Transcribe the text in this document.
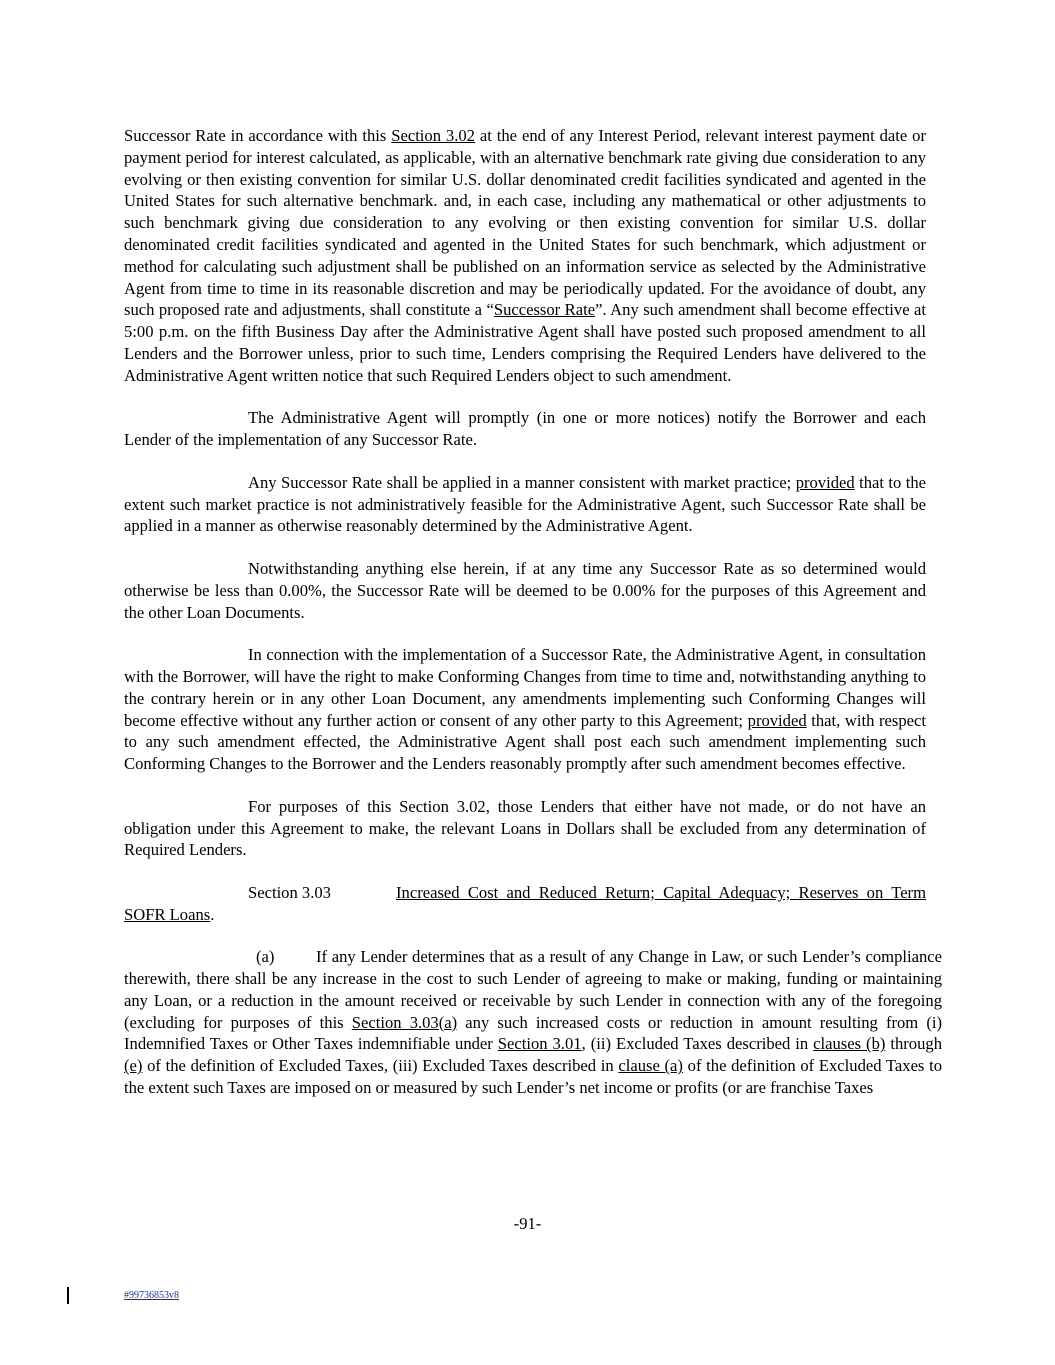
Successor Rate in accordance with this Section 3.02 at the end of any Interest Period, relevant interest payment date or payment period for interest calculated, as applicable, with an alternative benchmark rate giving due consideration to any evolving or then existing convention for similar U.S. dollar denominated credit facilities syndicated and agented in the United States for such alternative benchmark. and, in each case, including any mathematical or other adjustments to such benchmark giving due consideration to any evolving or then existing convention for similar U.S. dollar denominated credit facilities syndicated and agented in the United States for such benchmark, which adjustment or method for calculating such adjustment shall be published on an information service as selected by the Administrative Agent from time to time in its reasonable discretion and may be periodically updated. For the avoidance of doubt, any such proposed rate and adjustments, shall constitute a “Successor Rate”. Any such amendment shall become effective at 5:00 p.m. on the fifth Business Day after the Administrative Agent shall have posted such proposed amendment to all Lenders and the Borrower unless, prior to such time, Lenders comprising the Required Lenders have delivered to the Administrative Agent written notice that such Required Lenders object to such amendment.

The Administrative Agent will promptly (in one or more notices) notify the Borrower and each Lender of the implementation of any Successor Rate.

Any Successor Rate shall be applied in a manner consistent with market practice; provided that to the extent such market practice is not administratively feasible for the Administrative Agent, such Successor Rate shall be applied in a manner as otherwise reasonably determined by the Administrative Agent.

Notwithstanding anything else herein, if at any time any Successor Rate as so determined would otherwise be less than 0.00%, the Successor Rate will be deemed to be 0.00% for the purposes of this Agreement and the other Loan Documents.

In connection with the implementation of a Successor Rate, the Administrative Agent, in consultation with the Borrower, will have the right to make Conforming Changes from time to time and, notwithstanding anything to the contrary herein or in any other Loan Document, any amendments implementing such Conforming Changes will become effective without any further action or consent of any other party to this Agreement; provided that, with respect to any such amendment effected, the Administrative Agent shall post each such amendment implementing such Conforming Changes to the Borrower and the Lenders reasonably promptly after such amendment becomes effective.

For purposes of this Section 3.02, those Lenders that either have not made, or do not have an obligation under this Agreement to make, the relevant Loans in Dollars shall be excluded from any determination of Required Lenders.

Section 3.03	Increased Cost and Reduced Return; Capital Adequacy; Reserves on Term SOFR Loans.

(a)	If any Lender determines that as a result of any Change in Law, or such Lender’s compliance therewith, there shall be any increase in the cost to such Lender of agreeing to make or making, funding or maintaining any Loan, or a reduction in the amount received or receivable by such Lender in connection with any of the foregoing (excluding for purposes of this Section 3.03(a) any such increased costs or reduction in amount resulting from (i) Indemnified Taxes or Other Taxes indemnifiable under Section 3.01, (ii) Excluded Taxes described in clauses (b) through (e) of the definition of Excluded Taxes, (iii) Excluded Taxes described in clause (a) of the definition of Excluded Taxes to the extent such Taxes are imposed on or measured by such Lender’s net income or profits (or are franchise Taxes

-91-
#99736853v8
